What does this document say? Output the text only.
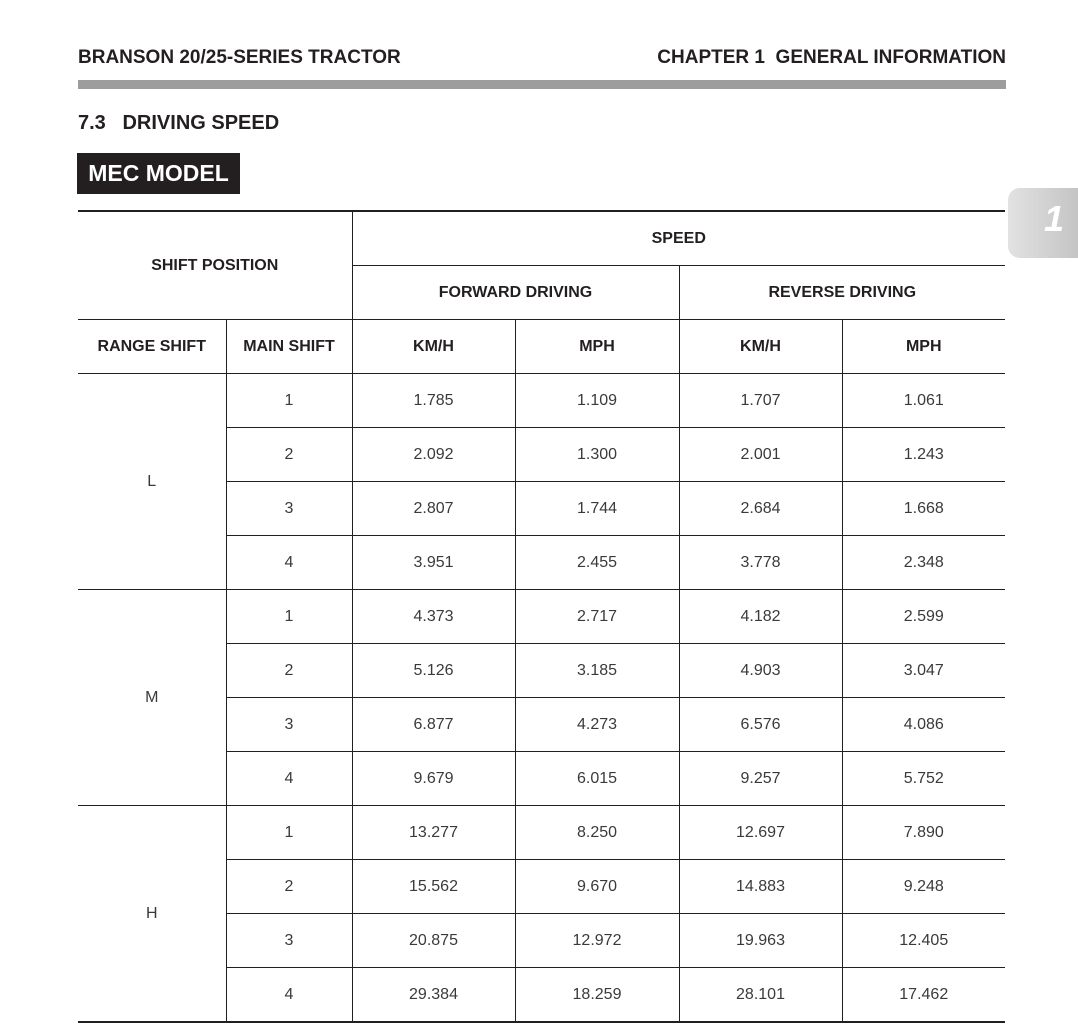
BRANSON 20/25-SERIES TRACTOR	CHAPTER 1  GENERAL INFORMATION
7.3   DRIVING SPEED
MEC MODEL
1
SHIFT POSITION		SPEED			
		FORWARD DRIVING		REVERSE DRIVING	
RANGE SHIFT	MAIN SHIFT	KM/H	MPH	KM/H	MPH
L	1	1.785	1.109	1.707	1.061
	2	2.092	1.300	2.001	1.243
	3	2.807	1.744	2.684	1.668
	4	3.951	2.455	3.778	2.348
M	1	4.373	2.717	4.182	2.599
	2	5.126	3.185	4.903	3.047
	3	6.877	4.273	6.576	4.086
	4	9.679	6.015	9.257	5.752
H	1	13.277	8.250	12.697	7.890
	2	15.562	9.670	14.883	9.248
	3	20.875	12.972	19.963	12.405
	4	29.384	18.259	28.101	17.462
